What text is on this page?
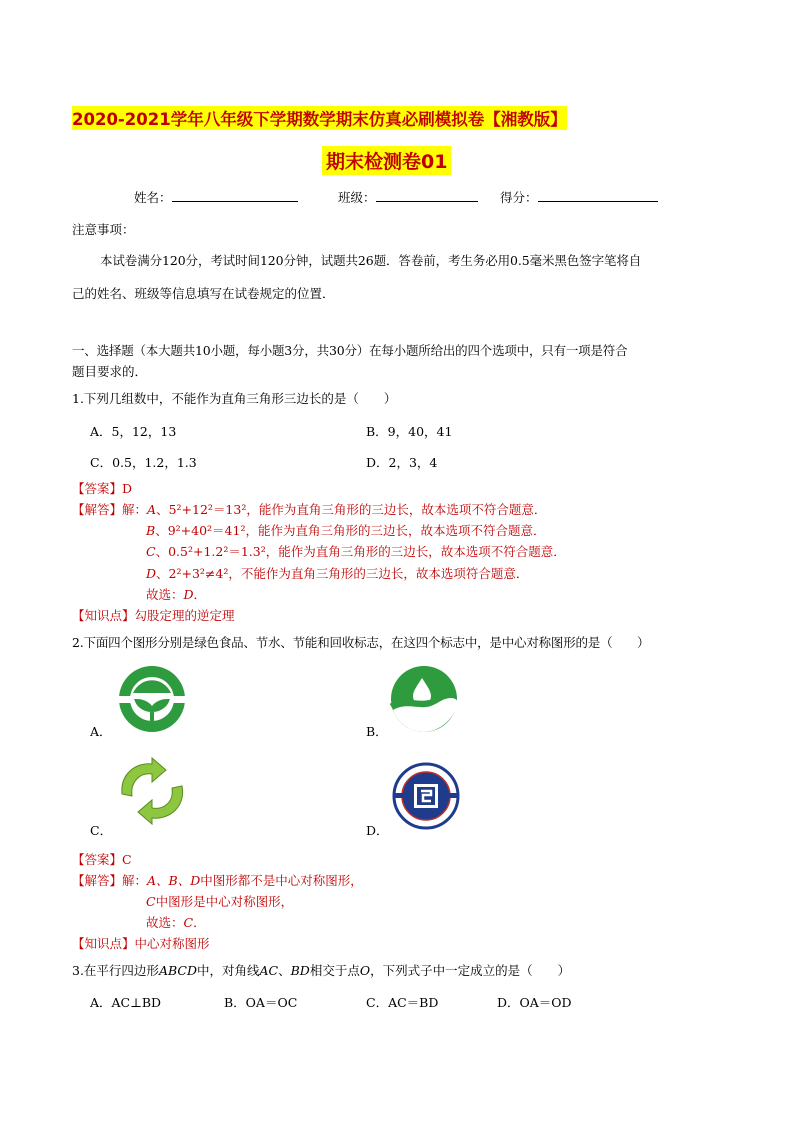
2020-2021学年八年级下学期数学期末仿真必刷模拟卷【湘教版】
期末检测卷01
姓名：	班级：	得分：
注意事项：
本试卷满分120分，考试时间120分钟，试题共26题．答卷前，考生务必用0.5毫米黑色签字笔将自
己的姓名、班级等信息填写在试卷规定的位置．
一、选择题（本大题共10小题，每小题3分，共30分）在每小题所给出的四个选项中，只有一项是符合
题目要求的．
1.下列几组数中，不能作为直角三角形三边长的是（　　）
A．5，12，13	B．9，40，41
C．0.5，1.2，1.3	D．2，3，4
【答案】D
【解答】解：A、5²+12²＝13²，能作为直角三角形的三边长，故本选项不符合题意．
B、9²+40²＝41²，能作为直角三角形的三边长，故本选项不符合题意．
C、0.5²+1.2²＝1.3²，能作为直角三角形的三边长，故本选项不符合题意．
D、2²+3²≠4²，不能作为直角三角形的三边长，故本选项符合题意．
故选：D．
【知识点】勾股定理的逆定理
2.下面四个图形分别是绿色食品、节水、节能和回收标志，在这四个标志中，是中心对称图形的是（　　）
A．	B．
C．	D．
【答案】C
【解答】解：A、B、D中图形都不是中心对称图形，
C中图形是中心对称图形，
故选：C．
【知识点】中心对称图形
3.在平行四边形ABCD中，对角线AC、BD相交于点O，下列式子中一定成立的是（　　）
A．AC⊥BD	B．OA＝OC	C．AC＝BD	D．OA＝OD
